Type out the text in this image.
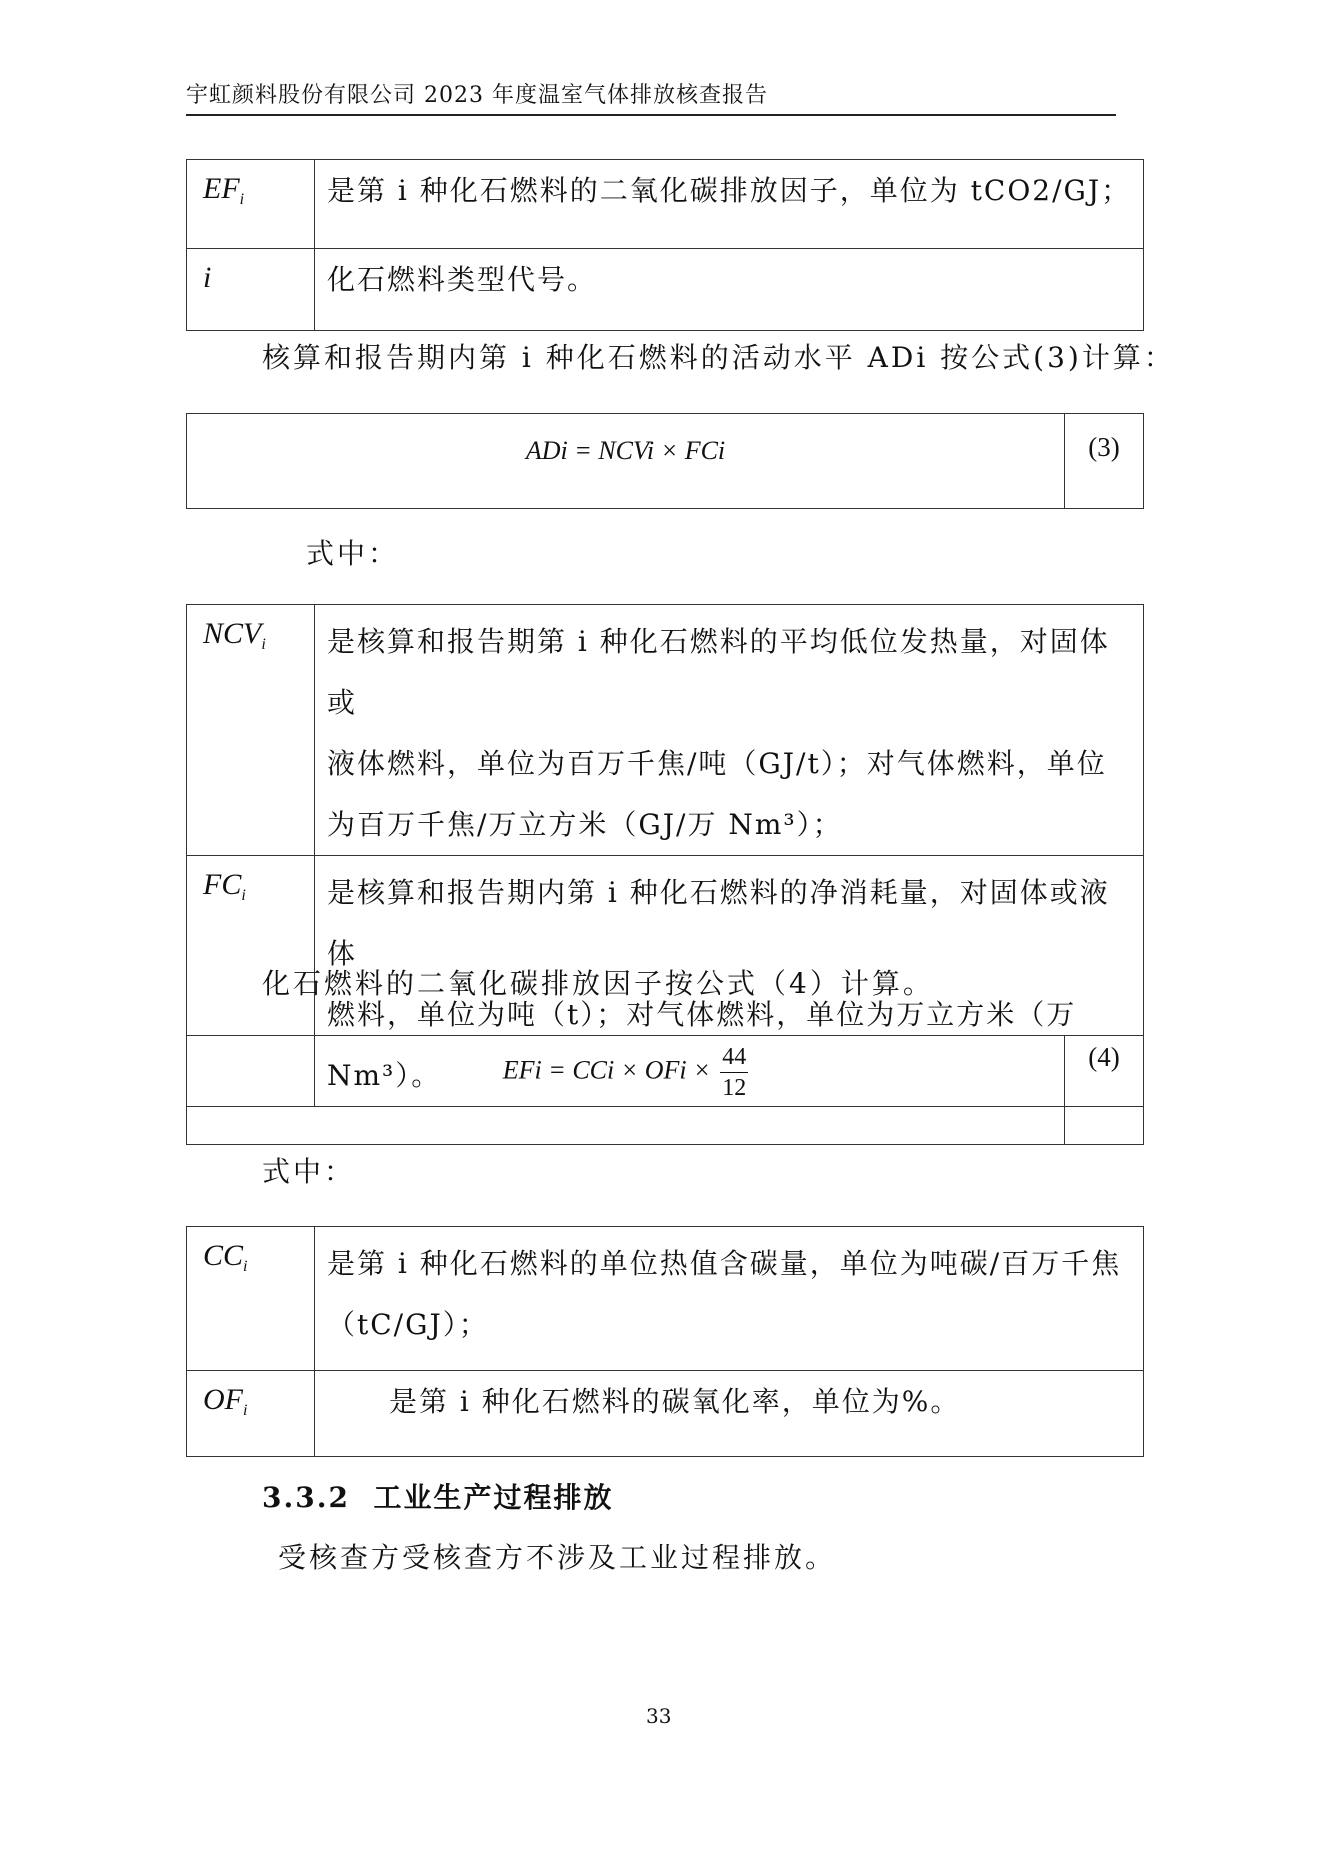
宇虹颜料股份有限公司 2023 年度温室气体排放核查报告
$EF_i$	是第 i 种化石燃料的二氧化碳排放因子，单位为 tCO2/GJ；
i	化石燃料类型代号。
核算和报告期内第 i 种化石燃料的活动水平 ADi 按公式(3)计算：
ADi = NCVi × FCi	(3)
式中：
$NCV_i$	是核算和报告期第 i 种化石燃料的平均低位发热量，对固体或
液体燃料，单位为百万千焦/吨（GJ/t）；对气体燃料，单位
为百万千焦/万立方米（GJ/万 Nm³）；

$FC_i$	是核算和报告期内第 i 种化石燃料的净消耗量，对固体或液体
燃料，单位为吨（t）；对气体燃料，单位为万立方米（万 Nm³）。
化石燃料的二氧化碳排放因子按公式（4）计算。
EFi = CCi × OFi × $\frac{44}{12}$	(4)
式中：
$CC_i$	是第 i 种化石燃料的单位热值含碳量，单位为吨碳/百万千焦
（tC/GJ）；

$OF_i$	是第 i 种化石燃料的碳氧化率，单位为%。
3.3.2 工业生产过程排放
受核查方受核查方不涉及工业过程排放。
33
